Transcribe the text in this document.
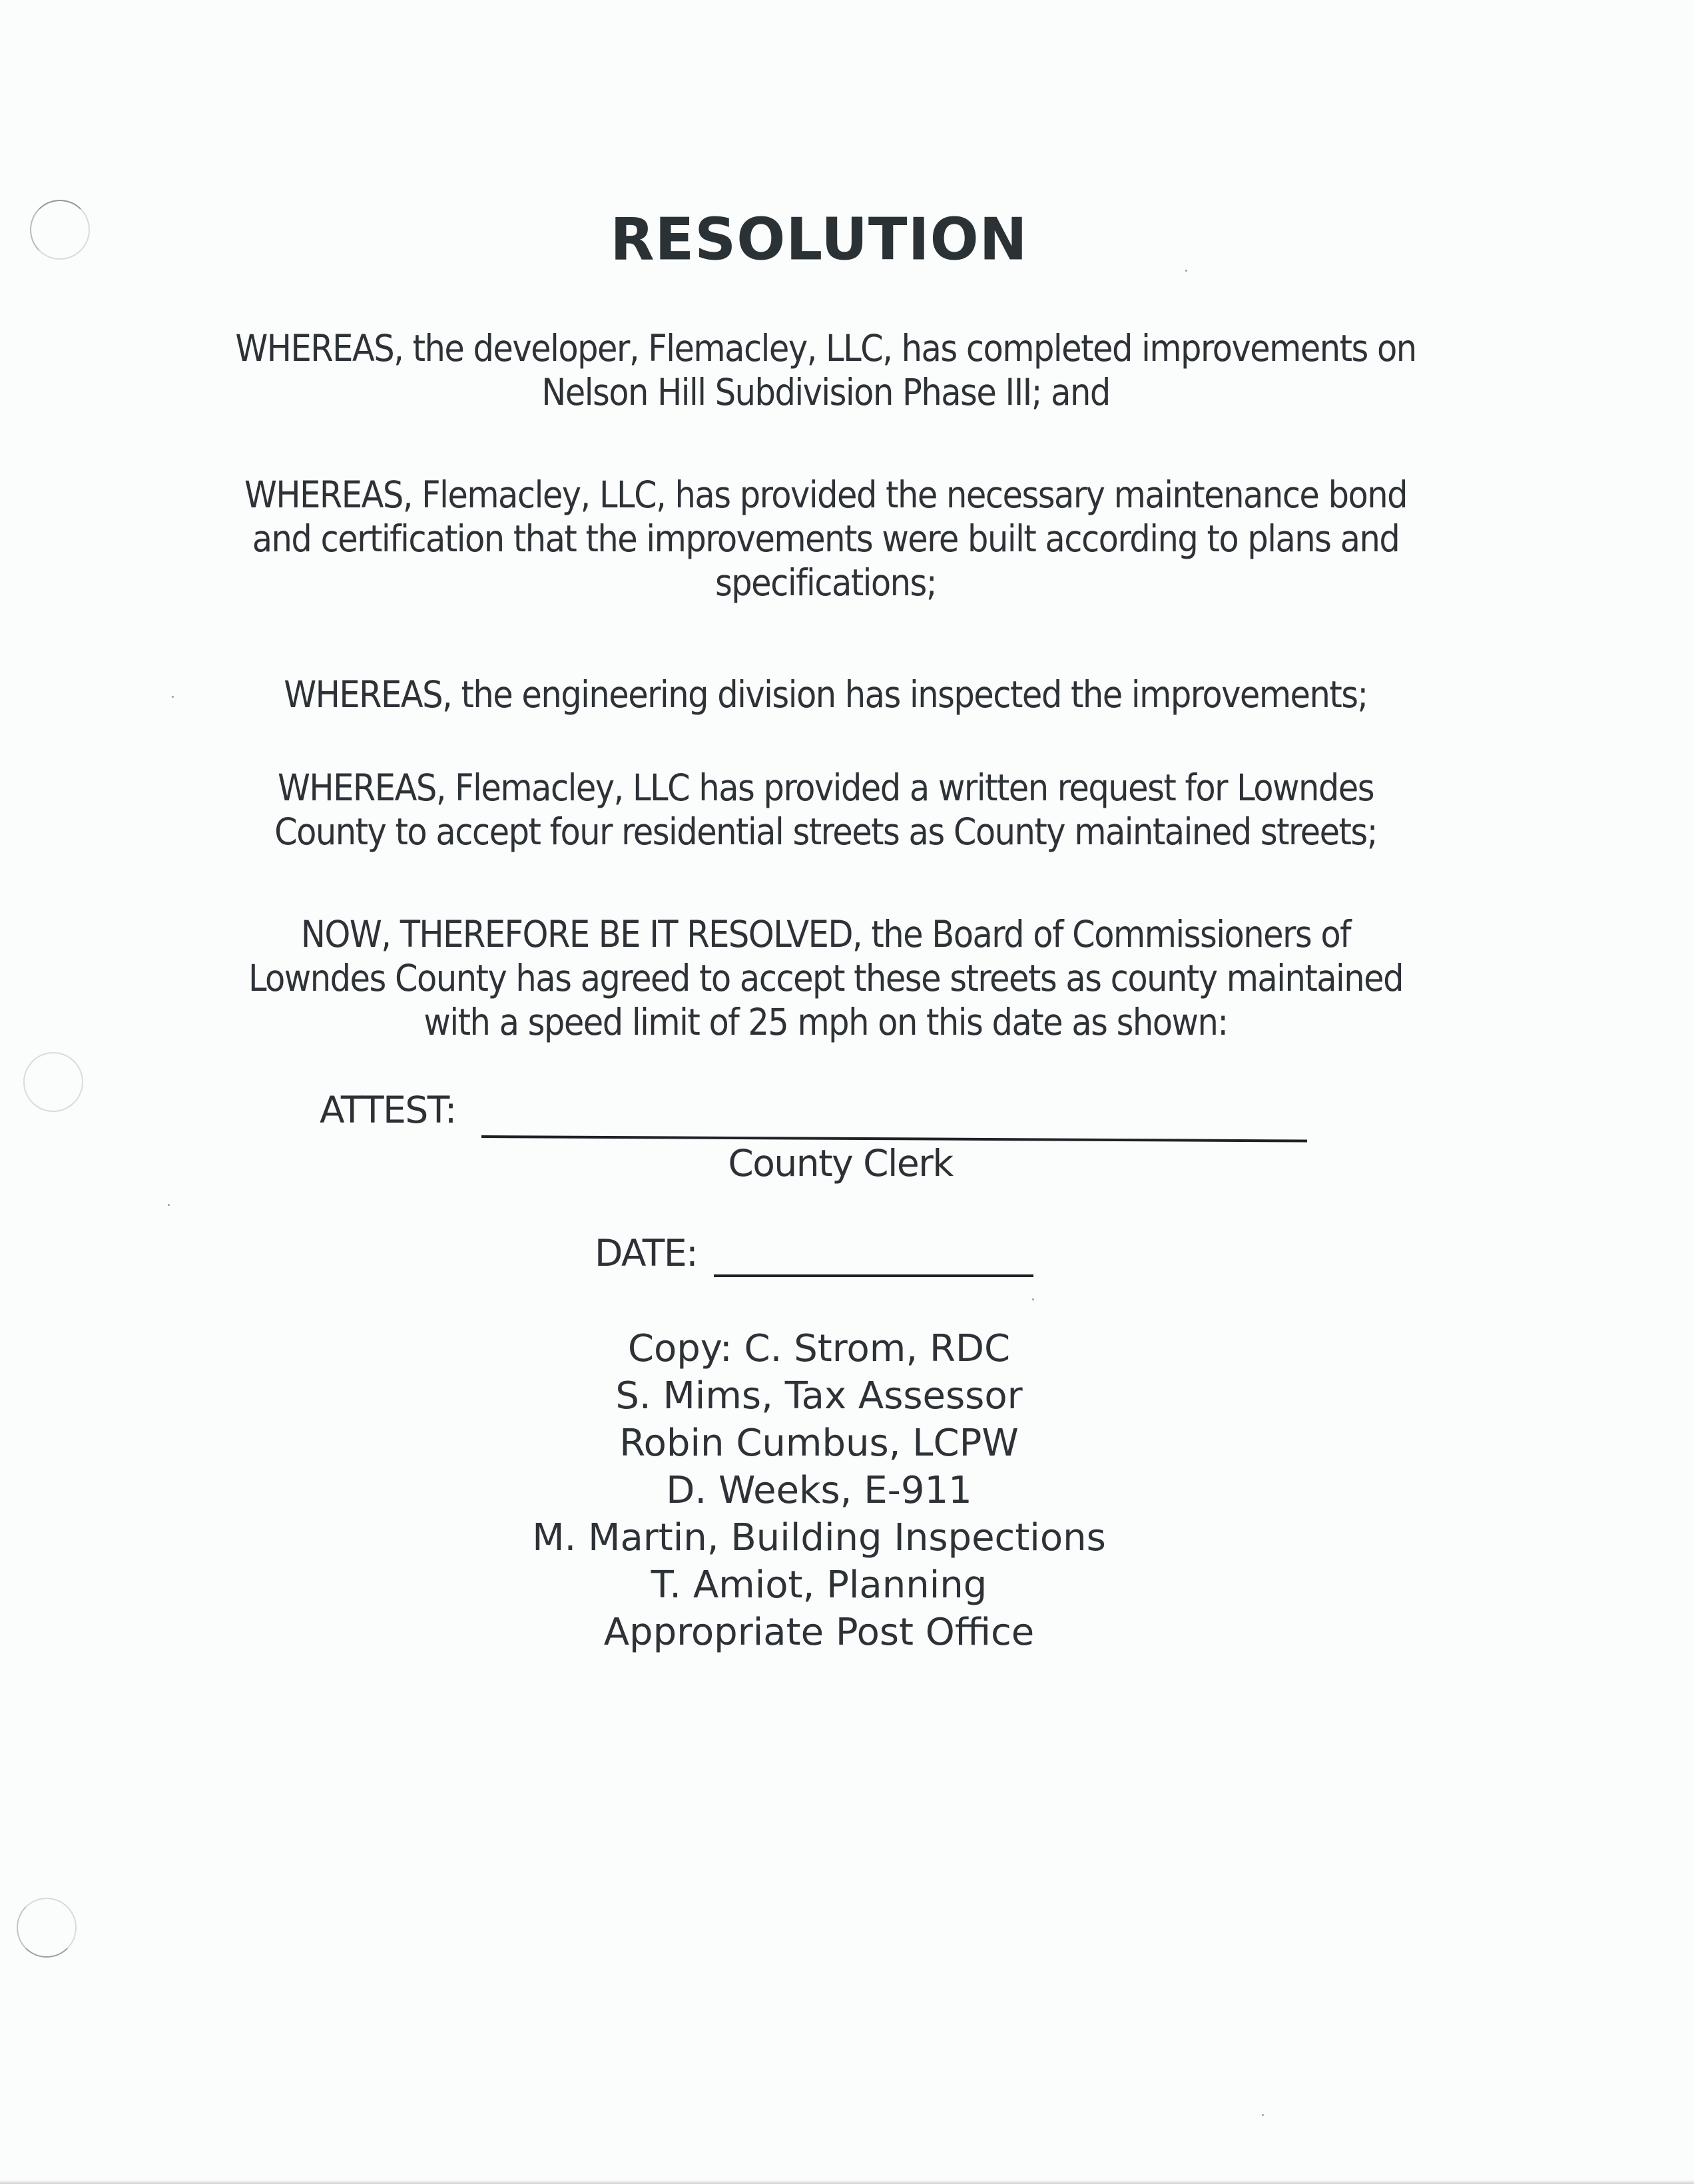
RESOLUTION
WHEREAS, the developer, Flemacley, LLC, has completed improvements on
Nelson Hill Subdivision Phase III; and
WHEREAS, Flemacley, LLC, has provided the necessary maintenance bond
and certification that the improvements were built according to plans and
specifications;
WHEREAS, the engineering division has inspected the improvements;
WHEREAS, Flemacley, LLC has provided a written request for Lowndes
County to accept four residential streets as County maintained streets;
NOW, THEREFORE BE IT RESOLVED, the Board of Commissioners of
Lowndes County has agreed to accept these streets as county maintained
with a speed limit of 25 mph on this date as shown:
ATTEST:
County Clerk
DATE:
Copy: C. Strom, RDC
S. Mims, Tax Assessor
Robin Cumbus, LCPW
D. Weeks, E-911
M. Martin, Building Inspections
T. Amiot, Planning
Appropriate Post Office
